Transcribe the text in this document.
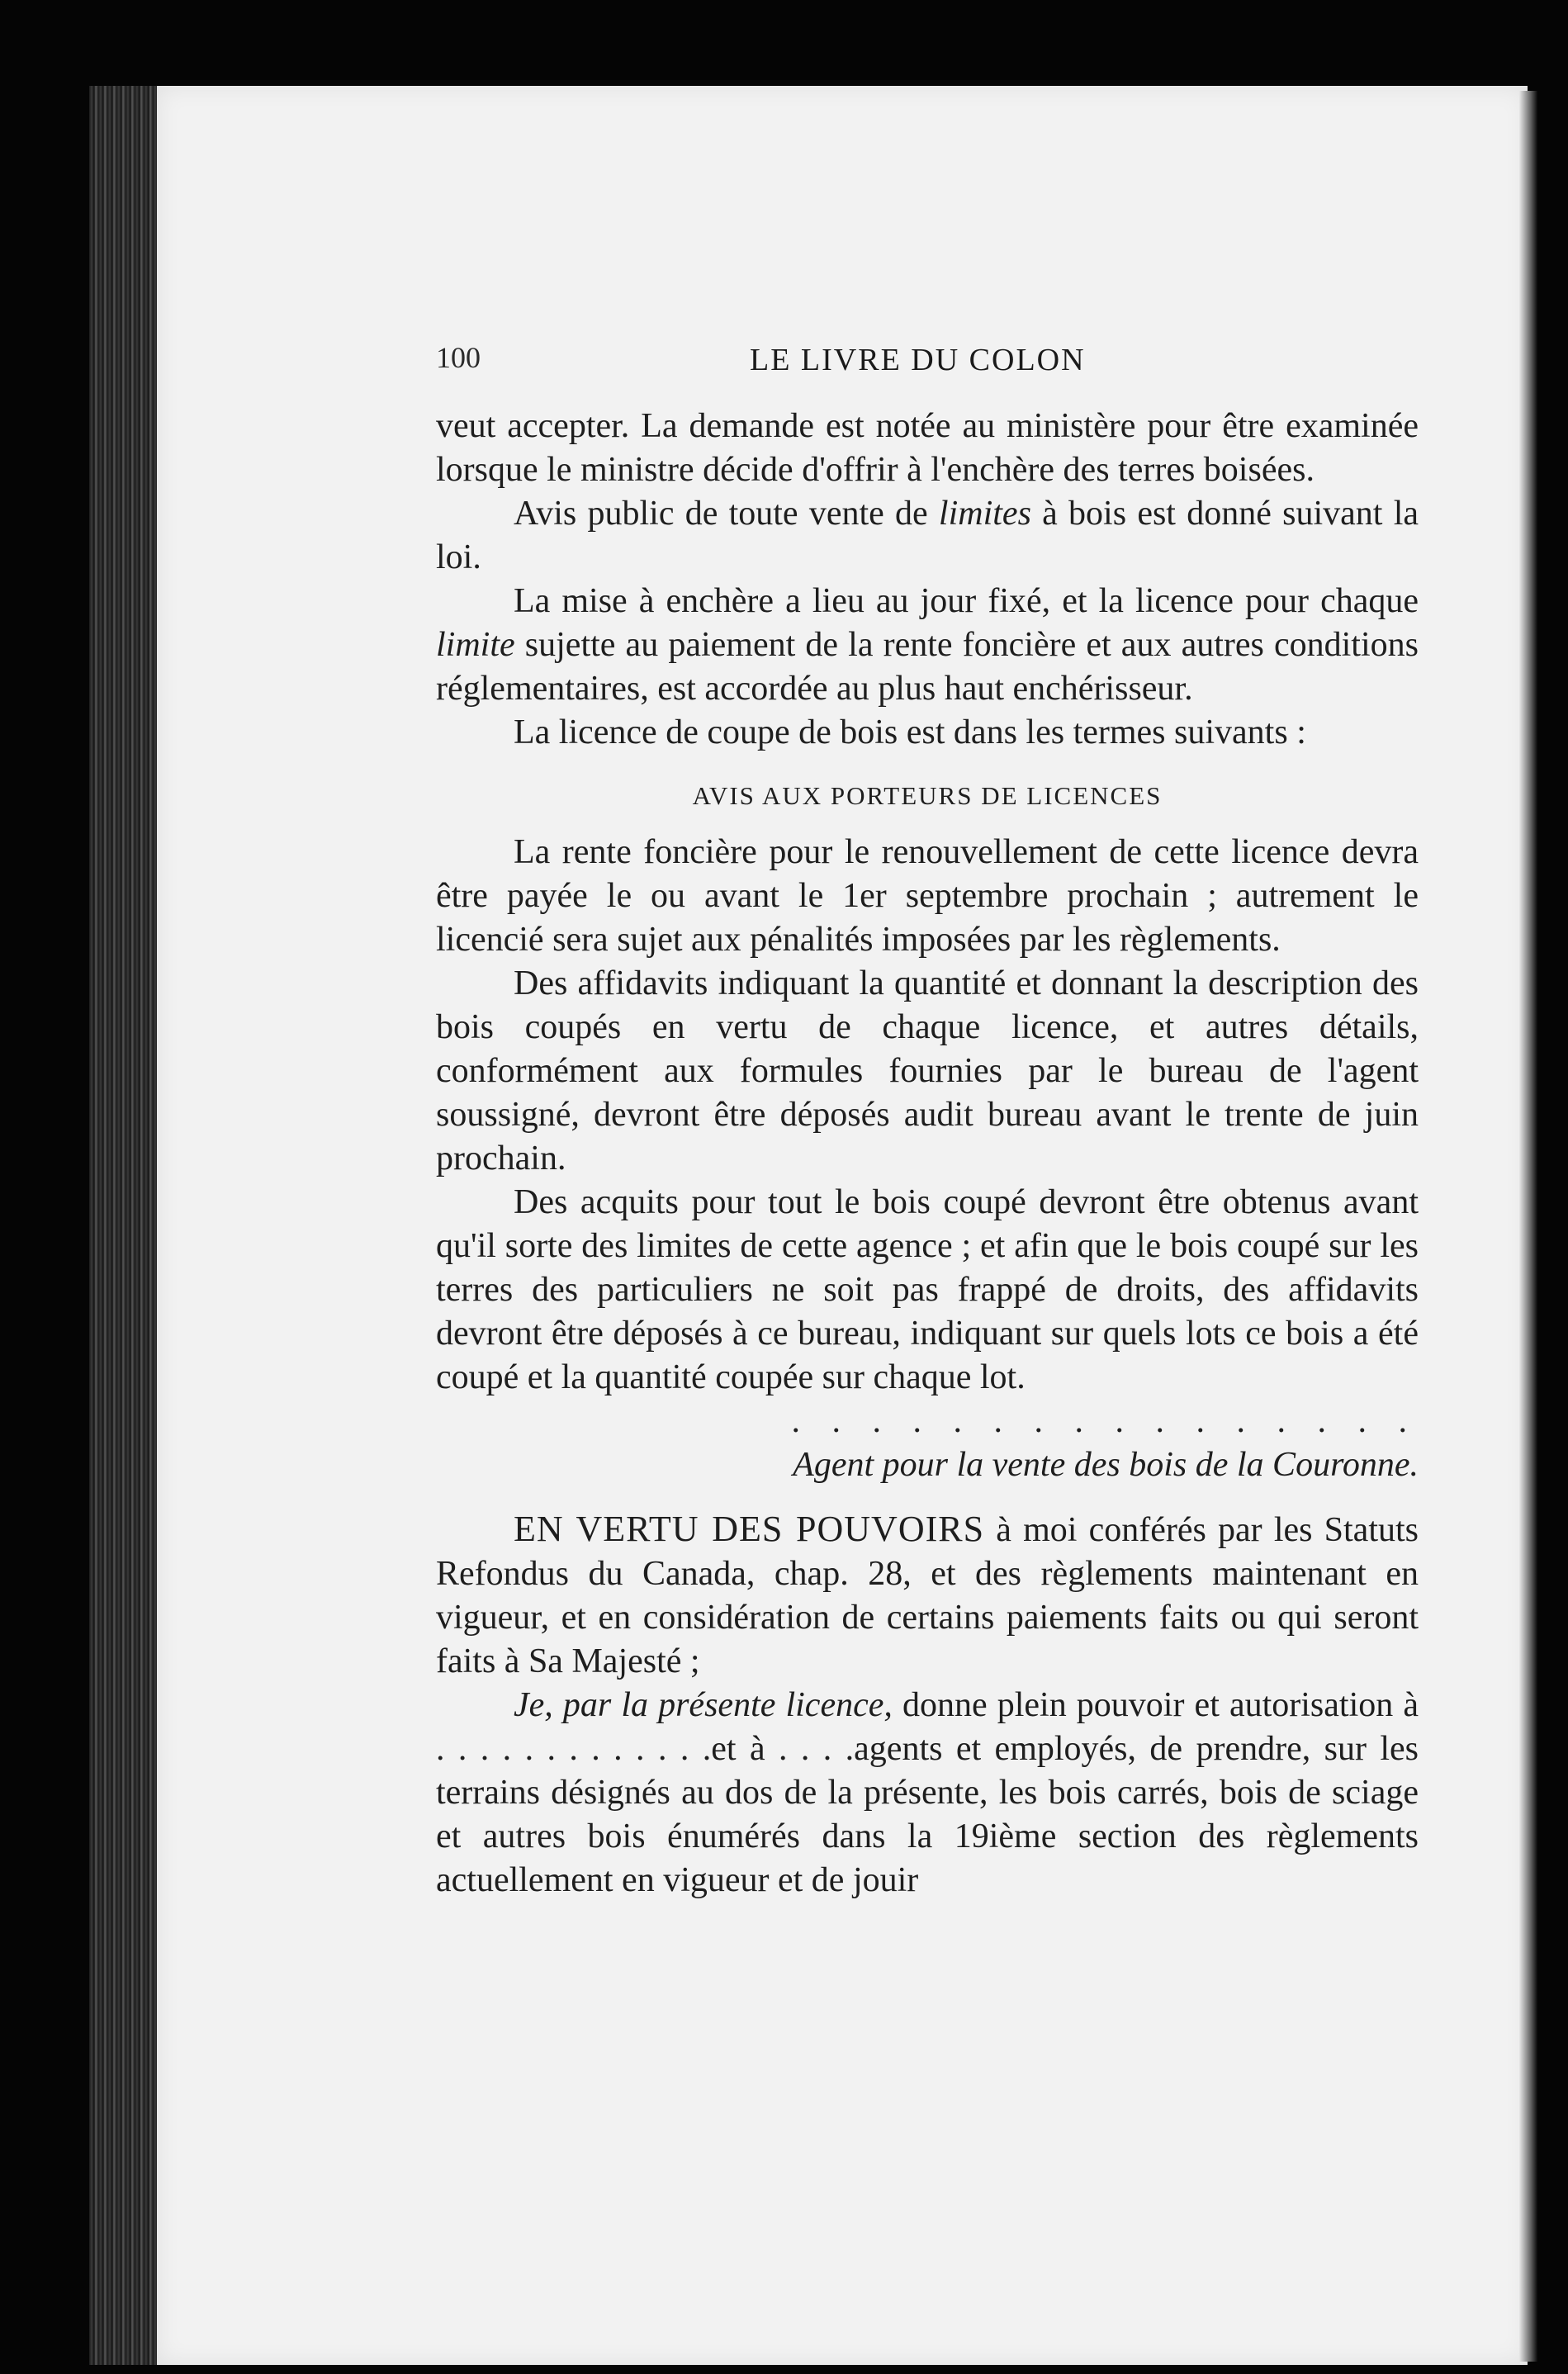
100	LE LIVRE DU COLON

veut accepter. La demande est notée au ministère pour être examinée lorsque le ministre décide d'offrir à l'enchère des terres boisées.

Avis public de toute vente de limites à bois est donné suivant la loi.

La mise à enchère a lieu au jour fixé, et la licence pour chaque limite sujette au paiement de la rente foncière et aux autres conditions réglementaires, est accordée au plus haut enchérisseur.

La licence de coupe de bois est dans les termes suivants :

AVIS AUX PORTEURS DE LICENCES

La rente foncière pour le renouvellement de cette licence devra être payée le ou avant le 1er septembre prochain ; autrement le licencié sera sujet aux pénalités imposées par les règlements.

Des affidavits indiquant la quantité et donnant la description des bois coupés en vertu de chaque licence, et autres détails, conformément aux formules fournies par le bureau de l'agent soussigné, devront être déposés audit bureau avant le trente de juin prochain.

Des acquits pour tout le bois coupé devront être obtenus avant qu'il sorte des limites de cette agence ; et afin que le bois coupé sur les terres des particuliers ne soit pas frappé de droits, des affidavits devront être déposés à ce bureau, indiquant sur quels lots ce bois a été coupé et la quantité coupée sur chaque lot.

. . . . . . . . . . . . . . . .

Agent pour la vente des bois de la Couronne.

EN VERTU DES POUVOIRS à moi conférés par les Statuts Refondus du Canada, chap. 28, et des règlements maintenant en vigueur, et en considération de certains paiements faits ou qui seront faits à Sa Majesté ;

Je, par la présente licence, donne plein pouvoir et autorisation à . . . . . . . . . . . . .et à . . . .agents et employés, de prendre, sur les terrains désignés au dos de la présente, les bois carrés, bois de sciage et autres bois énumérés dans la 19ième section des règlements actuellement en vigueur et de jouir
